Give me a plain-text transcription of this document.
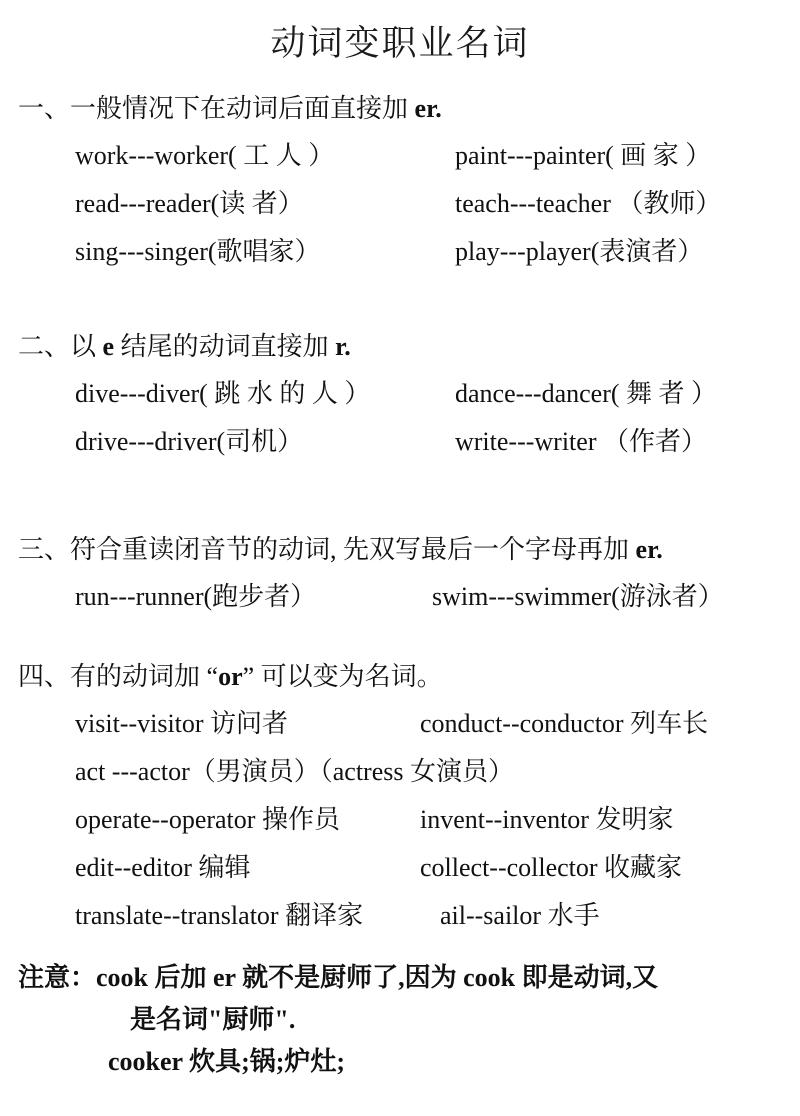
动词变职业名词
一、一般情况下在动词后面直接加 er.
work---worker( 工 人 ）	paint---painter( 画 家 ）
read---reader(读 者）	teach---teacher （教师）
sing---singer(歌唱家）	play---player(表演者）
二、以 e 结尾的动词直接加 r.
dive---diver( 跳 水 的 人 ）	dance---dancer( 舞 者 ）
drive---driver(司机）	write---writer （作者）
三、符合重读闭音节的动词, 先双写最后一个字母再加 er.
run---runner(跑步者）	swim---swimmer(游泳者）
四、有的动词加 “or” 可以变为名词。
visit--visitor 访问者	conduct--conductor 列车长
act ---actor（男演员）（actress 女演员）
operate--operator 操作员	invent--inventor 发明家
edit--editor 编辑	collect--collector 收藏家
translate--translator 翻译家	ail--sailor 水手
注意：cook 后加 er 就不是厨师了,因为 cook 即是动词,又
是名词"厨师".
cooker 炊具;锅;炉灶;
